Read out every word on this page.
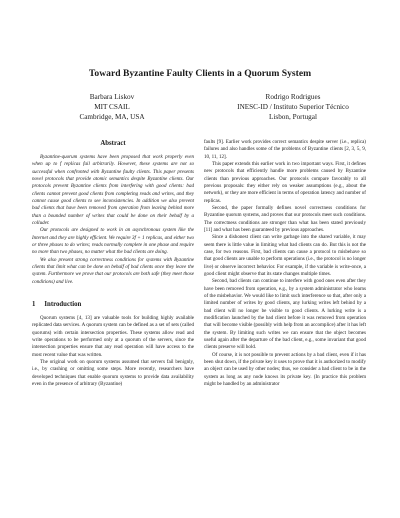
Toward Byzantine Faulty Clients in a Quorum System
Barbara Liskov
MIT CSAIL
Cambridge, MA, USA
Rodrigo Rodrigues
INESC-ID / Instituto Superior Técnico
Lisbon, Portugal
Abstract

Byzantine-quorum systems have been proposed that work properly even when up to f replicas fail arbitrarily. However, these systems are not so successful when confronted with Byzantine faulty clients. This paper presents novel protocols that provide atomic semantics despite Byzantine clients. Our protocols prevent Byzantine clients from interfering with good clients: bad clients cannot prevent good clients from completing reads and writes, and they cannot cause good clients to see inconsistencies. In addition we also prevent bad clients that have been removed from operation from leaving behind more than a bounded number of writes that could be done on their behalf by a colluder.

Our protocols are designed to work in an asynchronous system like the Internet and they are highly efficient. We require 3f + 1 replicas, and either two or three phases to do writes; reads normally complete in one phase and require no more than two phases, no matter what the bad clients are doing.

We also present strong correctness conditions for systems with Byzantine clients that limit what can be done on behalf of bad clients once they leave the system. Furthermore we prove that our protocols are both safe (they meet those conditions) and live.

1 Introduction

Quorum systems [4, 13] are valuable tools for building highly available replicated data services. A quorum system can be defined as a set of sets (called quorums) with certain intersection properties. These systems allow read and write operations to be performed only at a quorum of the servers, since the intersection properties ensure that any read operation will have access to the most recent value that was written.

The original work on quorum systems assumed that servers fail benignly, i.e., by crashing or omitting some steps. More recently, researchers have developed techniques that enable quorum systems to provide data availability even in the presence of arbitrary (Byzantine)

faults [9]. Earlier work provides correct semantics despite server (i.e., replica) failures and also handles some of the problems of Byzantine clients [2, 3, 5, 9, 10, 11, 12].

This paper extends this earlier work in two important ways. First, it defines new protocols that efficiently handle more problems caused by Byzantine clients than previous approaches. Our protocols compare favorably to all previous proposals: they either rely on weaker assumptions (e.g., about the network), or they are more efficient in terms of operation latency and number of replicas.

Second, the paper formally defines novel correctness conditions for Byzantine quorum systems, and proves that our protocols meet such conditions. The correctness conditions are stronger than what has been stated previously [11] and what has been guaranteed by previous approaches.

Since a dishonest client can write garbage into the shared variable, it may seem there is little value in limiting what bad clients can do. But this is not the case, for two reasons. First, bad clients can cause a protocol to misbehave so that good clients are unable to perform operations (i.e., the protocol is no longer live) or observe incorrect behavior. For example, if the variable is write-once, a good client might observe that its state changes multiple times.

Second, bad clients can continue to interfere with good ones even after they have been removed from operation, e.g., by a system administrator who learns of the misbehavior. We would like to limit such interference so that, after only a limited number of writes by good clients, any lurking writes left behind by a bad client will no longer be visible to good clients. A lurking write is a modification launched by the bad client before it was removed from operation that will become visible (possibly with help from an accomplice) after it has left the system. By limiting such writes we can ensure that the object becomes useful again after the departure of the bad client, e.g., some invariant that good clients preserve will hold.

Of course, it is not possible to prevent actions by a bad client, even if it has been shut down, if the private key it uses to prove that it is authorized to modify an object can be used by other nodes; thus, we consider a bad client to be in the system as long as any node knows its private key. (In practice this problem might be handled by an administrator
